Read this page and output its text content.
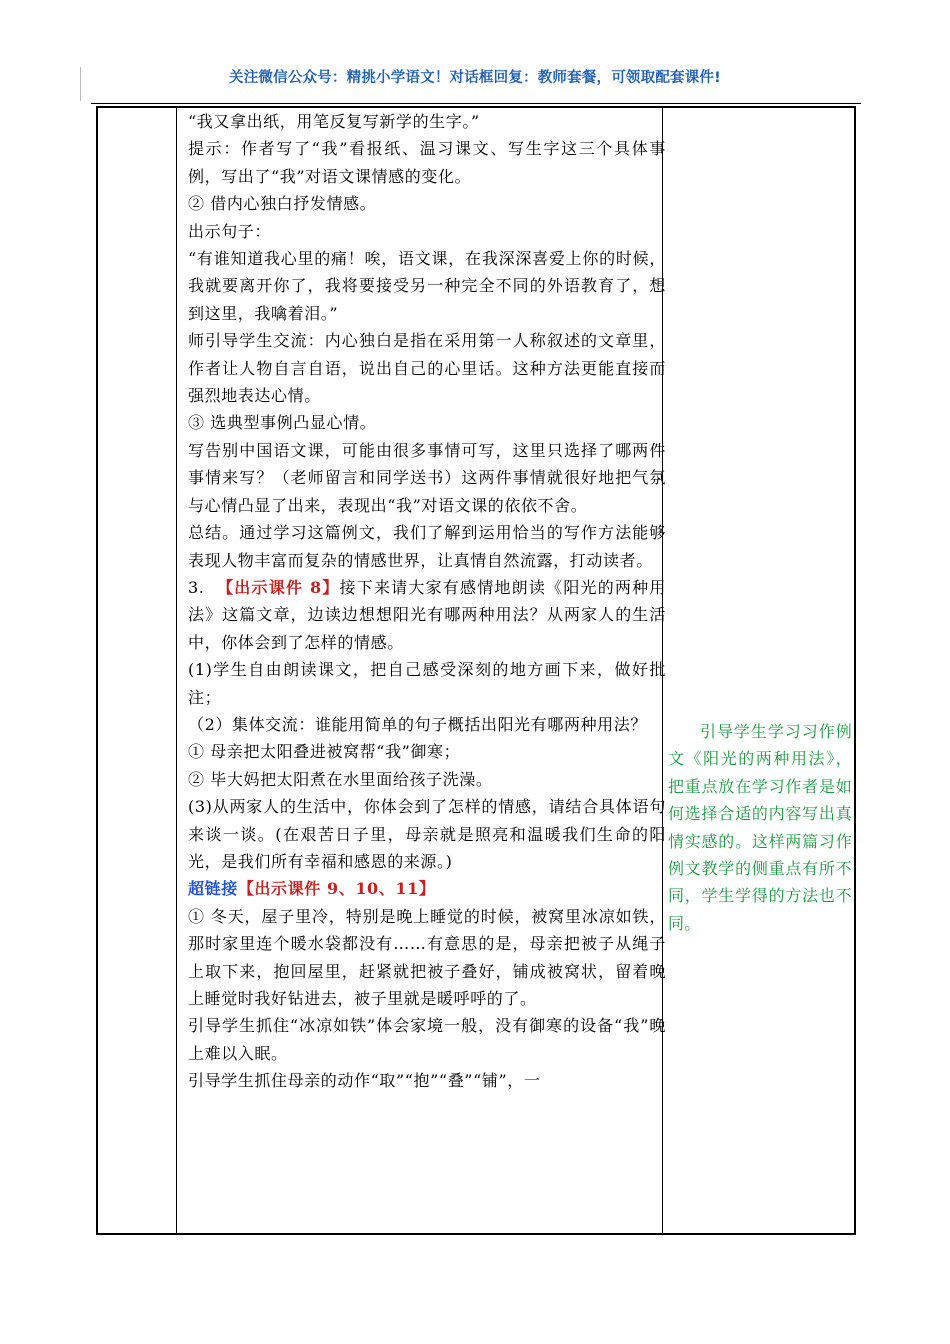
关注微信公众号：精挑小学语文！对话框回复：教师套餐，可领取配套课件!

“我又拿出纸，用笔反复写新学的生字。”

提示：作者写了“我”看报纸、温习课文、写生字这三个具体事例，写出了“我”对语文课情感的变化。

② 借内心独白抒发情感。

出示句子：

“有谁知道我心里的痛！唉，语文课，在我深深喜爱上你的时候，我就要离开你了，我将要接受另一种完全不同的外语教育了，想到这里，我噙着泪。”

师引导学生交流：内心独白是指在采用第一人称叙述的文章里，作者让人物自言自语，说出自己的心里话。这种方法更能直接而强烈地表达心情。

③ 选典型事例凸显心情。

写告别中国语文课，可能由很多事情可写，这里只选择了哪两件事情来写？（老师留言和同学送书）这两件事情就很好地把气氛与心情凸显了出来，表现出“我”对语文课的依依不舍。

总结。通过学习这篇例文，我们了解到运用恰当的写作方法能够表现人物丰富而复杂的情感世界，让真情自然流露，打动读者。

3. 【出示课件 8】接下来请大家有感情地朗读《阳光的两种用法》这篇文章，边读边想想阳光有哪两种用法？从两家人的生活中，你体会到了怎样的情感。

(1)学生自由朗读课文，把自己感受深刻的地方画下来，做好批注；

（2）集体交流：谁能用简单的句子概括出阳光有哪两种用法？

① 母亲把太阳叠进被窝帮“我”御寒；

② 毕大妈把太阳煮在水里面给孩子洗澡。

(3)从两家人的生活中，你体会到了怎样的情感，请结合具体语句来谈一谈。(在艰苦日子里，母亲就是照亮和温暖我们生命的阳光，是我们所有幸福和感恩的来源。)

超链接【出示课件 9、10、11】

① 冬天，屋子里冷，特别是晚上睡觉的时候，被窝里冰凉如铁，那时家里连个暖水袋都没有……有意思的是，母亲把被子从绳子上取下来，抱回屋里，赶紧就把被子叠好，铺成被窝状，留着晚上睡觉时我好钻进去，被子里就是暖呼呼的了。

引导学生抓住“冰凉如铁”体会家境一般，没有御寒的设备“我”晚上难以入眠。

引导学生抓住母亲的动作“取”“抱”“叠”“铺”，一

引导学生学习习作例文《阳光的两种用法》，把重点放在学习作者是如何选择合适的内容写出真情实感的。这样两篇习作例文教学的侧重点有所不同，学生学得的方法也不同。
